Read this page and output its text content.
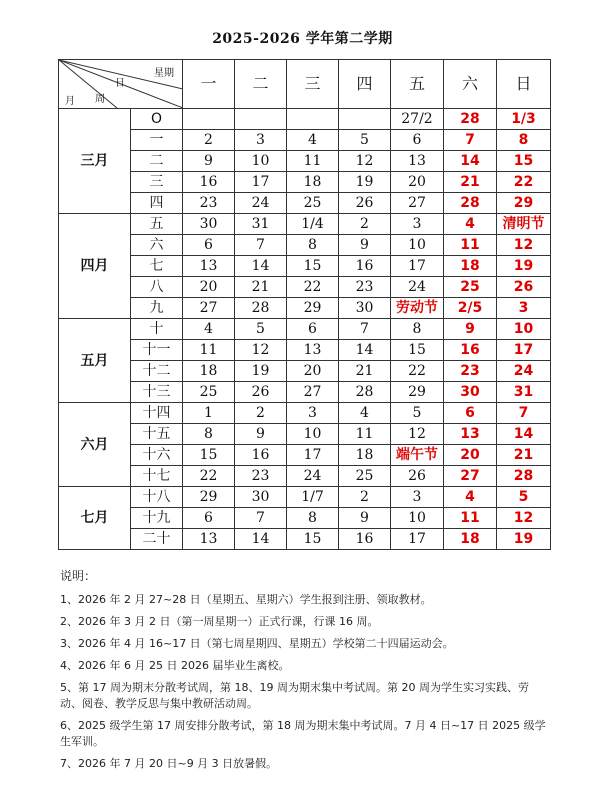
2025-2026 学年第二学期
星期
日
周
月		一	二	三	四	五	六	日
三月	O					27/2	28	1/3
	一	2	3	4	5	6	7	8
	二	9	10	11	12	13	14	15
	三	16	17	18	19	20	21	22
	四	23	24	25	26	27	28	29
四月	五	30	31	1/4	2	3	4	清明节
	六	6	7	8	9	10	11	12
	七	13	14	15	16	17	18	19
	八	20	21	22	23	24	25	26
	九	27	28	29	30	劳动节	2/5	3
五月	十	4	5	6	7	8	9	10
	十一	11	12	13	14	15	16	17
	十二	18	19	20	21	22	23	24
	十三	25	26	27	28	29	30	31
六月	十四	1	2	3	4	5	6	7
	十五	8	9	10	11	12	13	14
	十六	15	16	17	18	端午节	20	21
	十七	22	23	24	25	26	27	28
七月	十八	29	30	1/7	2	3	4	5
	十九	6	7	8	9	10	11	12
	二十	13	14	15	16	17	18	19

说明：

1、2026 年 2 月 27~28 日（星期五、星期六）学生报到注册、领取教材。

2、2026 年 3 月 2 日（第一周星期一）正式行课，行课 16 周。

3、2026 年 4 月 16~17 日（第七周星期四、星期五）学校第二十四届运动会。

4、2026 年 6 月 25 日 2026 届毕业生离校。

5、第 17 周为期末分散考试周，第 18、19 周为期末集中考试周。第 20 周为学生实习实践、劳动、阅卷、教学反思与集中教研活动周。

6、2025 级学生第 17 周安排分散考试，第 18 周为期末集中考试周。7 月 4 日~17 日 2025 级学生军训。

7、2026 年 7 月 20 日~9 月 3 日放暑假。
